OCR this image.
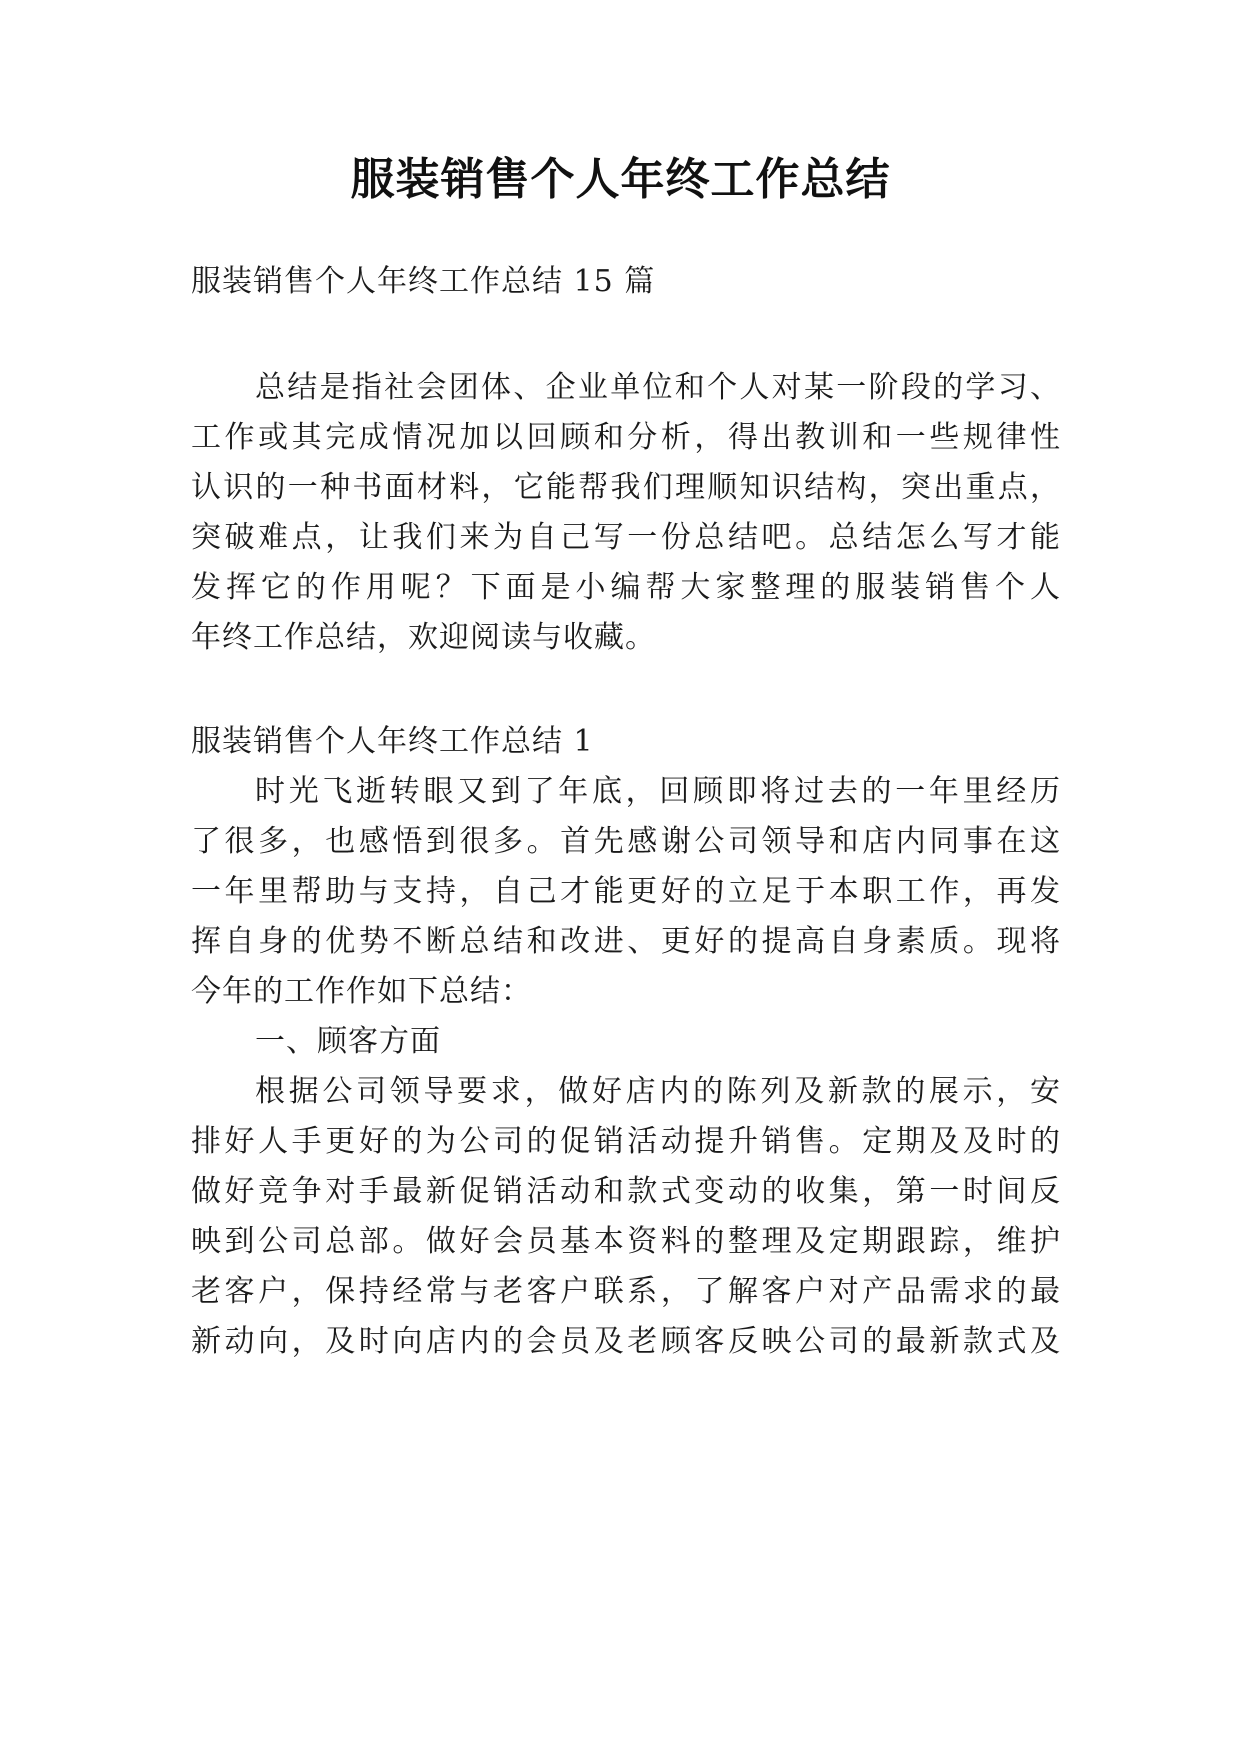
服装销售个人年终工作总结

服装销售个人年终工作总结 15 篇

总结是指社会团体、企业单位和个人对某一阶段的学习、

工作或其完成情况加以回顾和分析，得出教训和一些规律性

认识的一种书面材料，它能帮我们理顺知识结构，突出重点，

突破难点，让我们来为自己写一份总结吧。总结怎么写才能

发挥它的作用呢？下面是小编帮大家整理的服装销售个人

年终工作总结，欢迎阅读与收藏。

服装销售个人年终工作总结 1

时光飞逝转眼又到了年底，回顾即将过去的一年里经历

了很多，也感悟到很多。首先感谢公司领导和店内同事在这

一年里帮助与支持，自己才能更好的立足于本职工作，再发

挥自身的优势不断总结和改进、更好的提高自身素质。现将

今年的工作作如下总结：

一、顾客方面

根据公司领导要求，做好店内的陈列及新款的展示，安

排好人手更好的为公司的促销活动提升销售。定期及及时的

做好竞争对手最新促销活动和款式变动的收集，第一时间反

映到公司总部。做好会员基本资料的整理及定期跟踪，维护

老客户，保持经常与老客户联系，了解客户对产品需求的最

新动向，及时向店内的会员及老顾客反映公司的最新款式及
